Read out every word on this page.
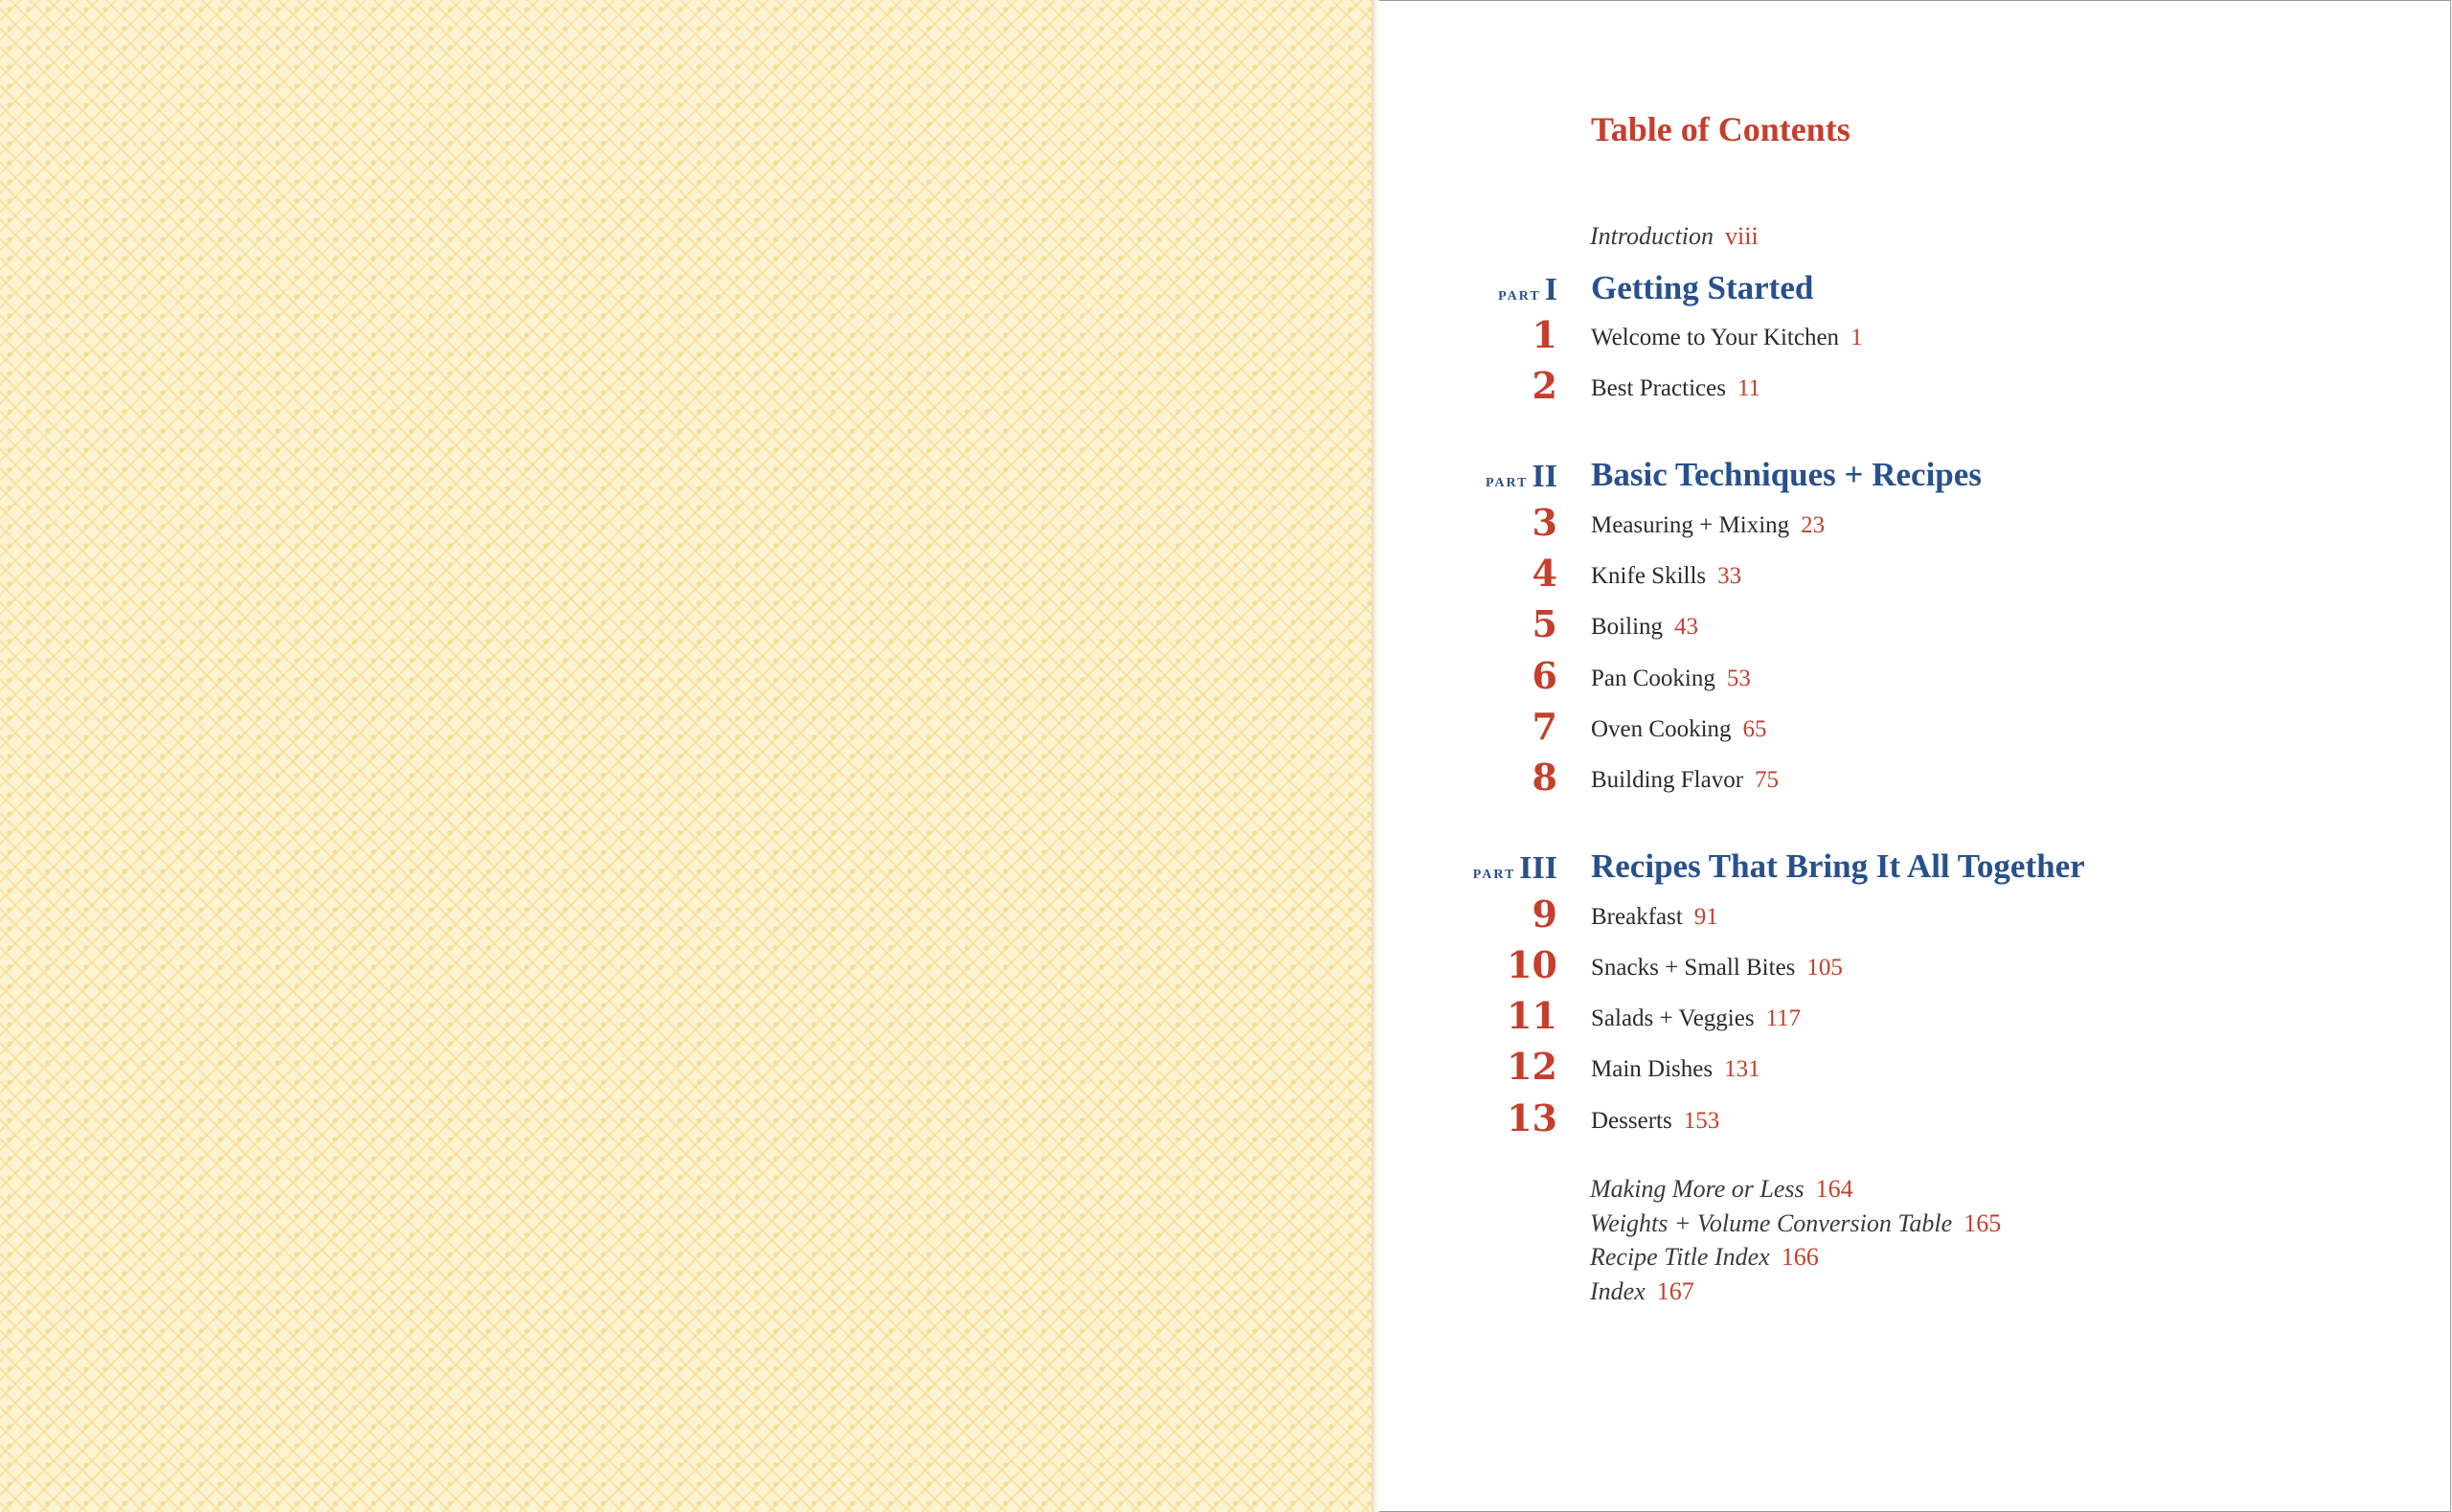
Table of Contents
Introduction viii
PART I Getting Started
1 Welcome to Your Kitchen 1
2 Best Practices 11
PART II Basic Techniques + Recipes
3 Measuring + Mixing 23
4 Knife Skills 33
5 Boiling 43
6 Pan Cooking 53
7 Oven Cooking 65
8 Building Flavor 75
PART III Recipes That Bring It All Together
9 Breakfast 91
10 Snacks + Small Bites 105
11 Salads + Veggies 117
12 Main Dishes 131
13 Desserts 153
Making More or Less 164
Weights + Volume Conversion Table 165
Recipe Title Index 166
Index 167
